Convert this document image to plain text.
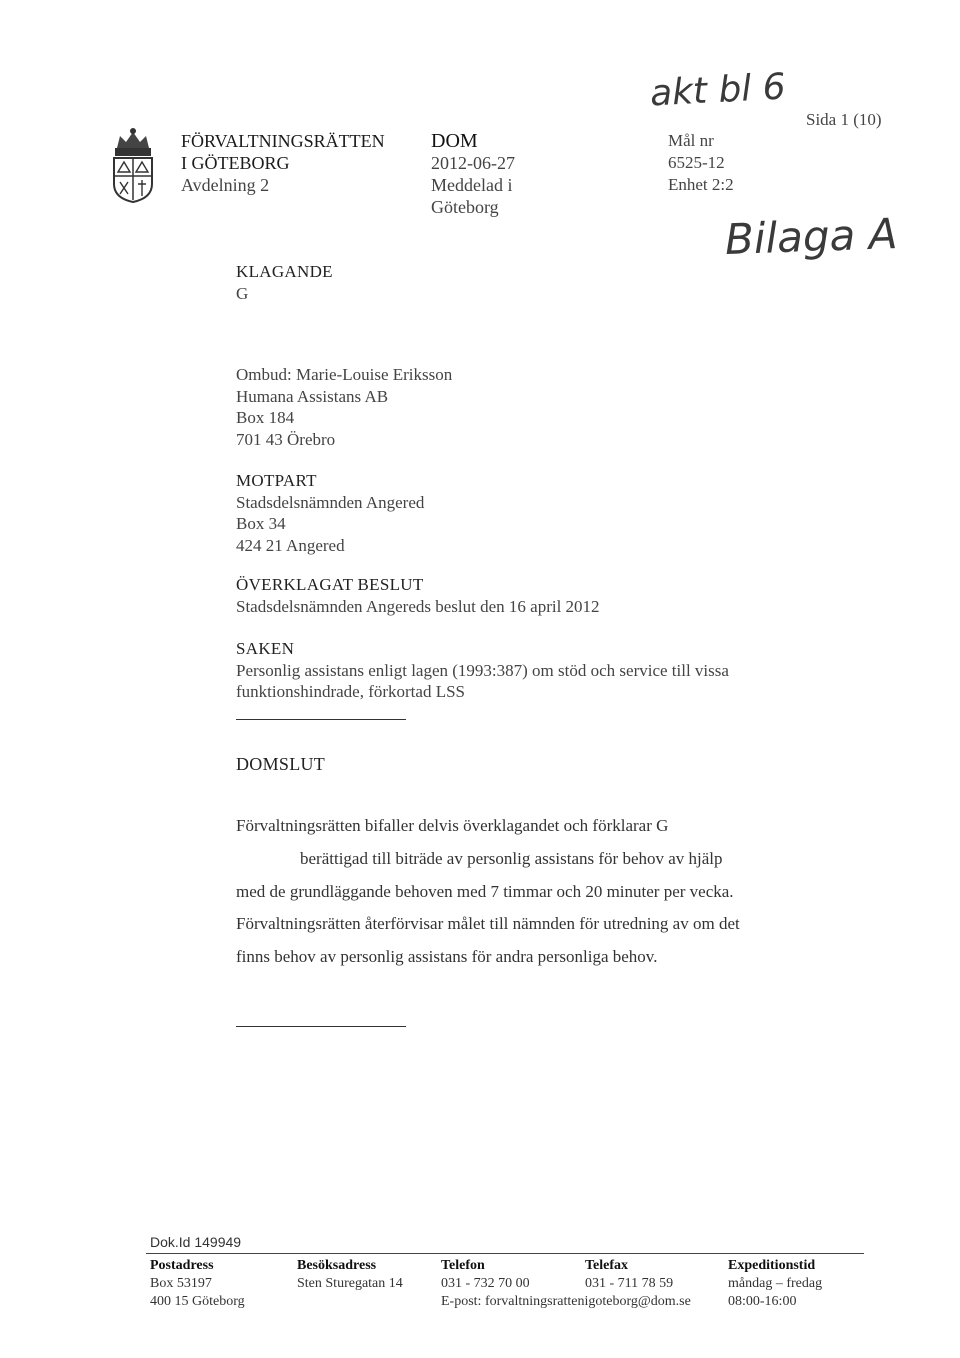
akt bl 6
Bilaga A
FÖRVALTNINGSRÄTTEN
I GÖTEBORG
Avdelning 2
DOM
2012-06-27
Meddelad i
Göteborg
Mål nr
6525-12
Enhet 2:2
Sida 1 (10)
KLAGANDE
G
Ombud: Marie-Louise Eriksson
Humana Assistans AB
Box 184
701 43 Örebro
MOTPART
Stadsdelsnämnden Angered
Box 34
424 21 Angered
ÖVERKLAGAT BESLUT
Stadsdelsnämnden Angereds beslut den 16 april 2012
SAKEN
Personlig assistans enligt lagen (1993:387) om stöd och service till vissa
funktionshindrade, förkortad LSS
DOMSLUT
Förvaltningsrätten bifaller delvis överklagandet och förklarar G
berättigad till biträde av personlig assistans för behov av hjälp
med de grundläggande behoven med 7 timmar och 20 minuter per vecka.
Förvaltningsrätten återförvisar målet till nämnden för utredning av om det
finns behov av personlig assistans för andra personliga behov.
Dok.Id 149949
Postadress
Box 53197
400 15 Göteborg
Besöksadress
Sten Sturegatan 14
Telefon
031 - 732 70 00
E-post: forvaltningsrattenigoteborg@dom.se
Telefax
031 - 711 78 59
Expeditionstid
måndag – fredag
08:00-16:00
